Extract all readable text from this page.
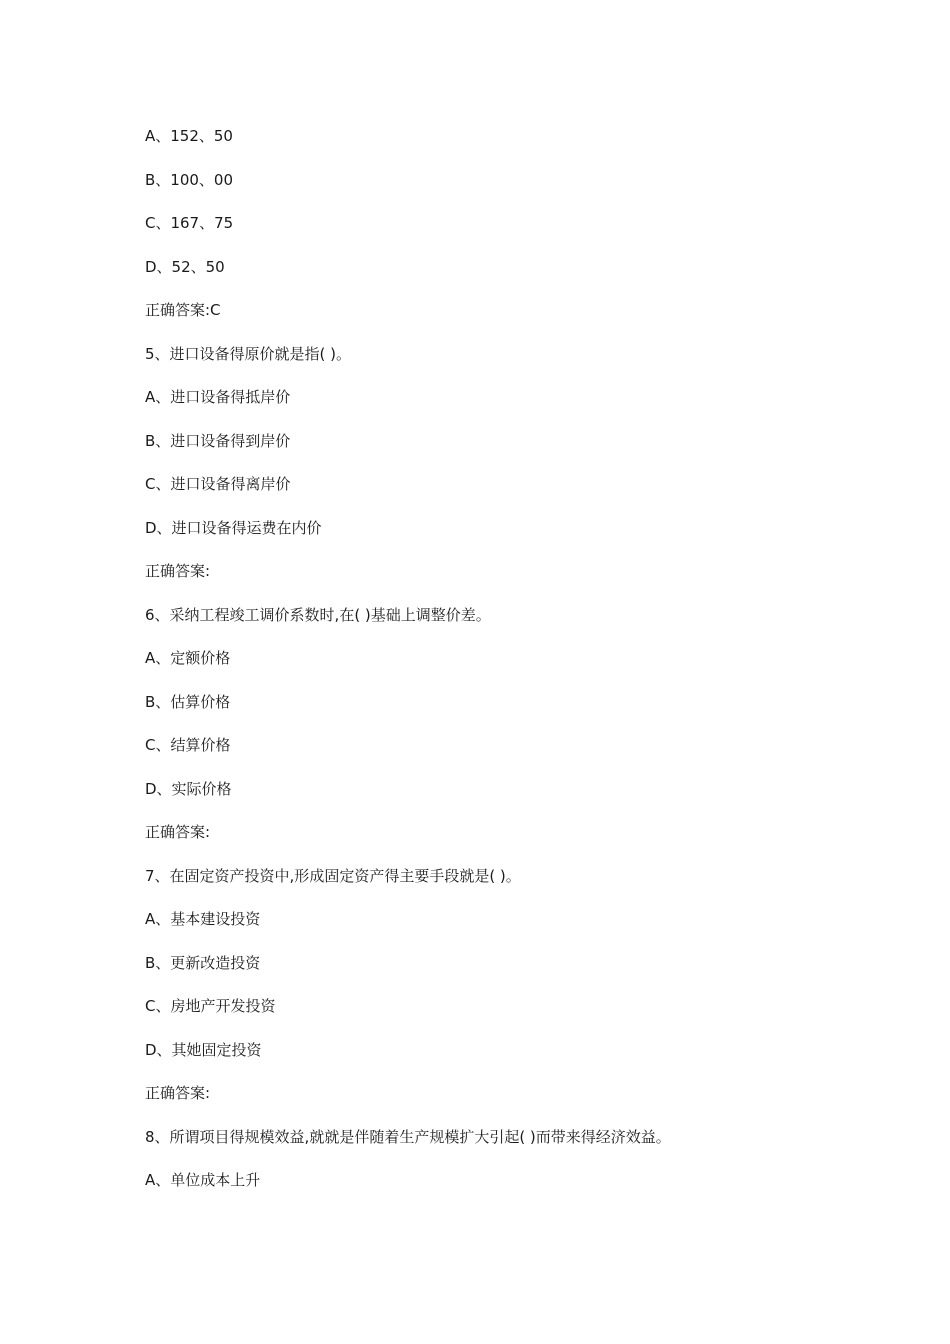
A、152、50
B、100、00
C、167、75
D、52、50
正确答案:C
5、进口设备得原价就是指( )。
A、进口设备得抵岸价
B、进口设备得到岸价
C、进口设备得离岸价
D、进口设备得运费在内价
正确答案:
6、采纳工程竣工调价系数时,在( )基础上调整价差。
A、定额价格
B、估算价格
C、结算价格
D、实际价格
正确答案:
7、在固定资产投资中,形成固定资产得主要手段就是( )。
A、基本建设投资
B、更新改造投资
C、房地产开发投资
D、其她固定投资
正确答案:
8、所谓项目得规模效益,就就是伴随着生产规模扩大引起( )而带来得经济效益。
A、单位成本上升
